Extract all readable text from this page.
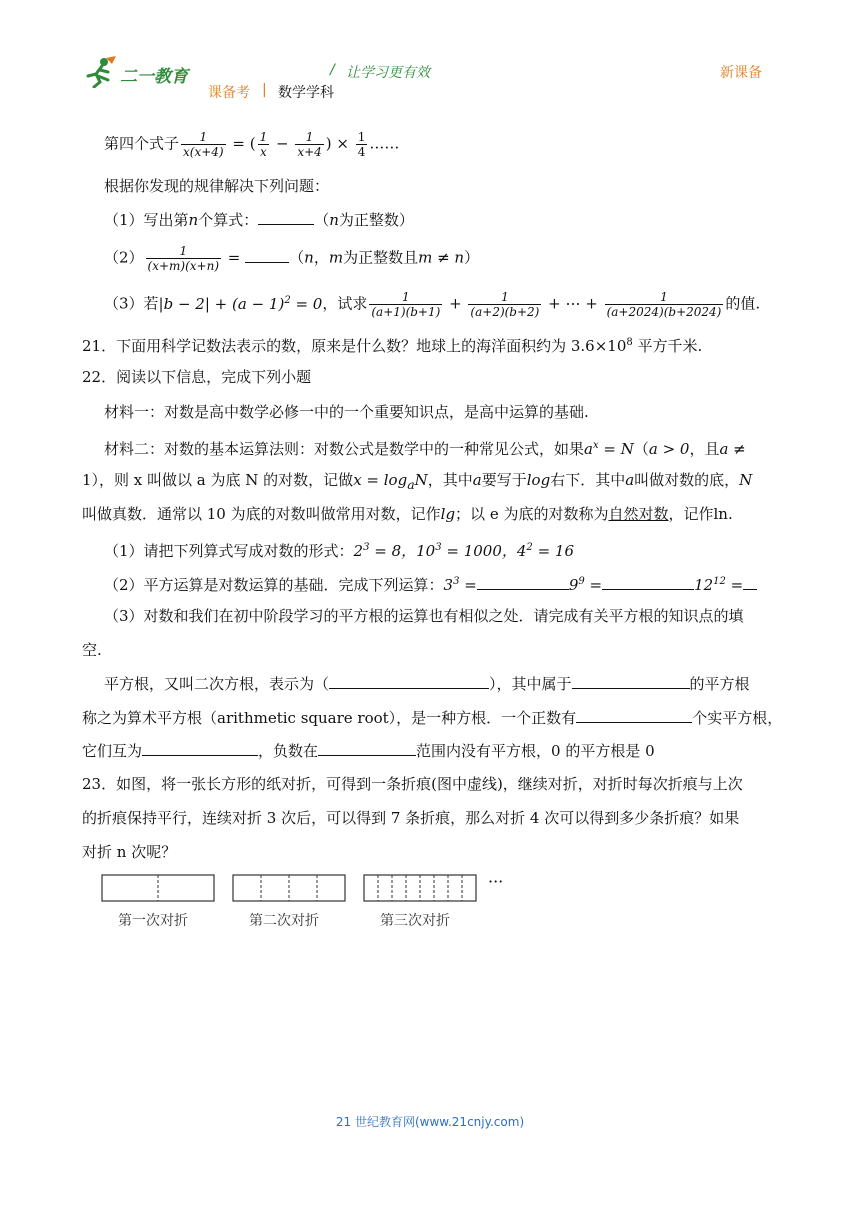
二一教育	/ 让学习更有效
课备考 | 数学学科
新课备
第四个式子 $\frac{1}{x(x+4)}$ = ( $\frac{1}{x} - \frac{1}{x+4}$ ) × $\frac{1}{4}$ ……
根据你发现的规律解决下列问题：
（1）写出第n个算式：	（n为正整数）
$(2) \frac{1}{(x+m)(x+n)}$ =	（n，m为正整数且m ≠ n）
（3）若$|b - 2| + (a - 1)^2 = 0$，试求 $\frac{1}{(a+1)(b+1)} + \frac{1}{(a+2)(b+2)}$ + ⋯ + $\frac{1}{(a+2024)(b+2024)}$ 的值.
21．下面用科学记数法表示的数，原来是什么数？地球上的海洋面积约为 $3.6\times 10^8$ 平方千米.
22．阅读以下信息，完成下列小题
材料一：对数是高中数学必修一中的一个重要知识点，是高中运算的基础.
材料二：对数的基本运算法则：对数公式是数学中的一种常见公式，如果$a^x = N(a > 0$，且a ≠
1），则 x 叫做以 a 为底 N 的对数，记做$x = \log_aN$，其中a要写于log右下．其中a叫做对数的底，N
叫做真数．通常以 10 为底的对数叫做常用对数，记作lg；以 e 为底的对数称为自然对数，记作ln.
（1）请把下列算式写成对数的形式：$2^3 = 8$，$10^3 = 1000$，$4^2 = 16$
（2）平方运算是对数运算的基础．完成下列运算：$3^3$ =	$9^9$ =	$12^{12}$ =
（3）对数和我们在初中阶段学习的平方根的运算也有相似之处．请完成有关平方根的知识点的填
空.
平方根，又叫二次方根，表示为（	），其中属于	的平方根
称之为算术平方根（arithmetic square root），是一种方根．一个正数有	个实平方根，
它们互为	，负数在	范围内没有平方根，0 的平方根是 0
23．如图，将一张长方形的纸对折，可得到一条折痕(图中虚线)，继续对折，对折时每次折痕与上次
的折痕保持平行，连续对折 3 次后，可以得到 7 条折痕，那么对折 4 次可以得到多少条折痕？如果
对折 n 次呢？
···
第一次对折	第二次对折	第三次对折
21 世纪教育网(www.21cnjy.com)
